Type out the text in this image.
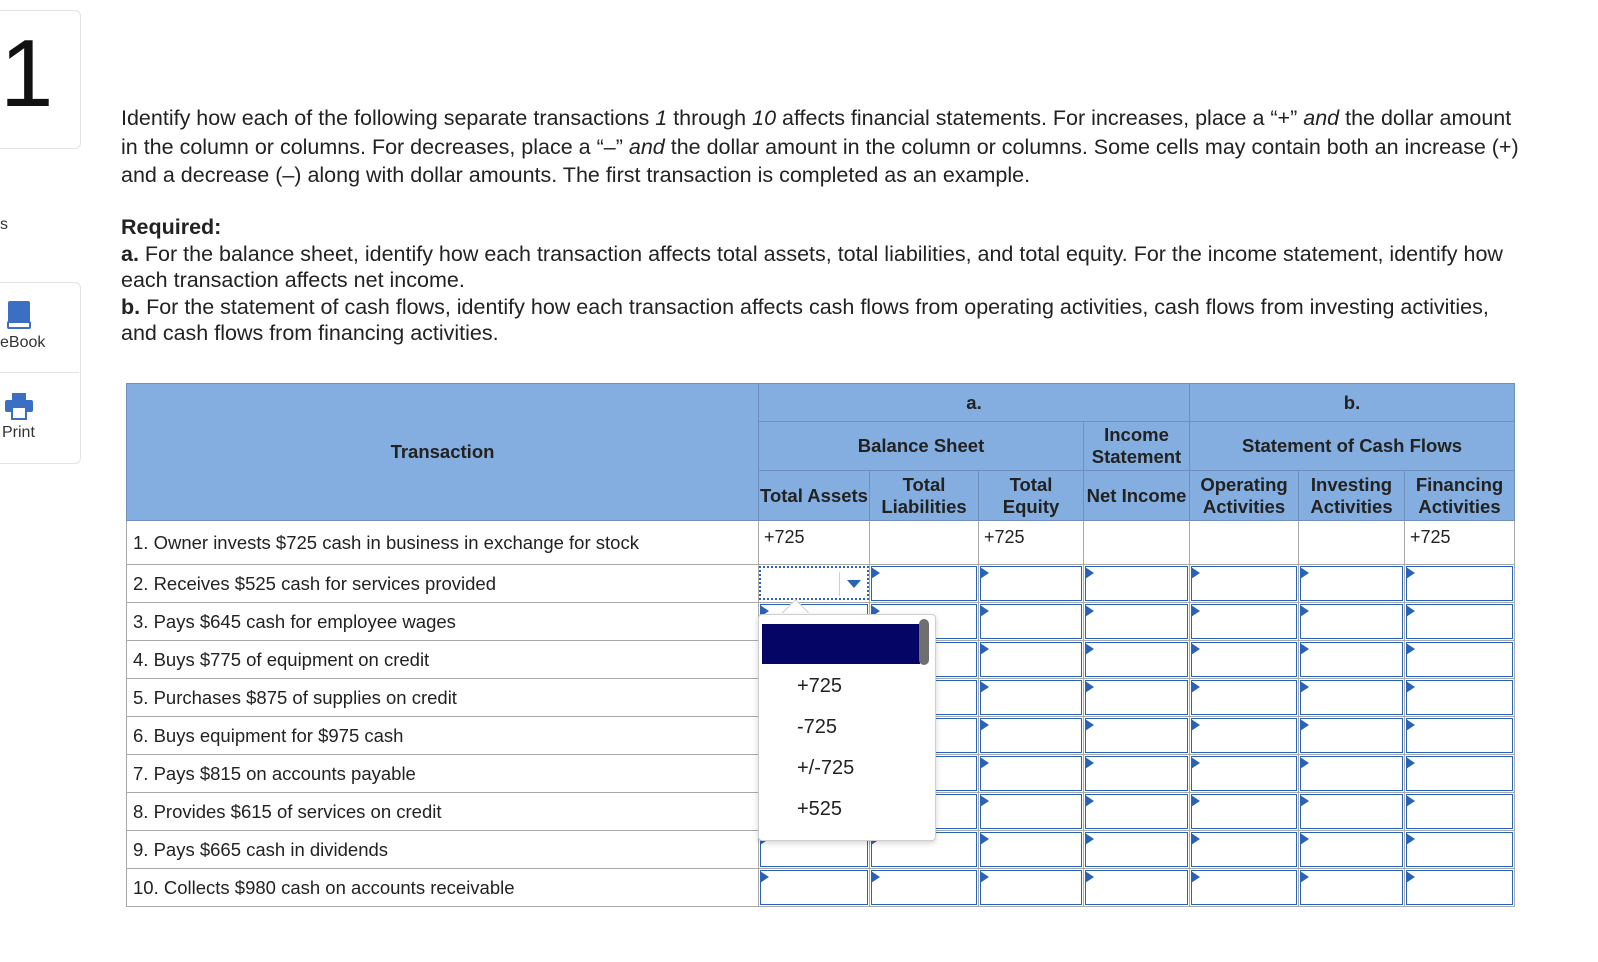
1
s
eBook
Print
Identify how each of the following separate transactions 1 through 10 affects financial statements. For increases, place a “+” and the dollar amount in the column or columns. For decreases, place a “–” and the dollar amount in the column or columns. Some cells may contain both an increase (+) and a decrease (–) along with dollar amounts. The first transaction is completed as an example.
Required:
a. For the balance sheet, identify how each transaction affects total assets, total liabilities, and total equity. For the income statement, identify how each transaction affects net income.
b. For the statement of cash flows, identify how each transaction affects cash flows from operating activities, cash flows from investing activities, and cash flows from financing activities.
Transaction	a.				b.		
	Balance Sheet			Income Statement	Statement of Cash Flows		
	Total Assets	Total Liabilities	Total Equity	Net Income	Operating Activities	Investing Activities	Financing Activities
1. Owner invests $725 cash in business in exchange for stock	+725		+725				+725
2. Receives $525 cash for services provided	

3. Pays $645 cash for employee wages	

4. Buys $775 of equipment on credit	

5. Purchases $875 of supplies on credit	

6. Buys equipment for $975 cash	

7. Pays $815 on accounts payable	

8. Provides $615 of services on credit	

9. Pays $665 cash in dividends	

10. Collects $980 cash on accounts receivable	

+725
-725
+/-725
+525
